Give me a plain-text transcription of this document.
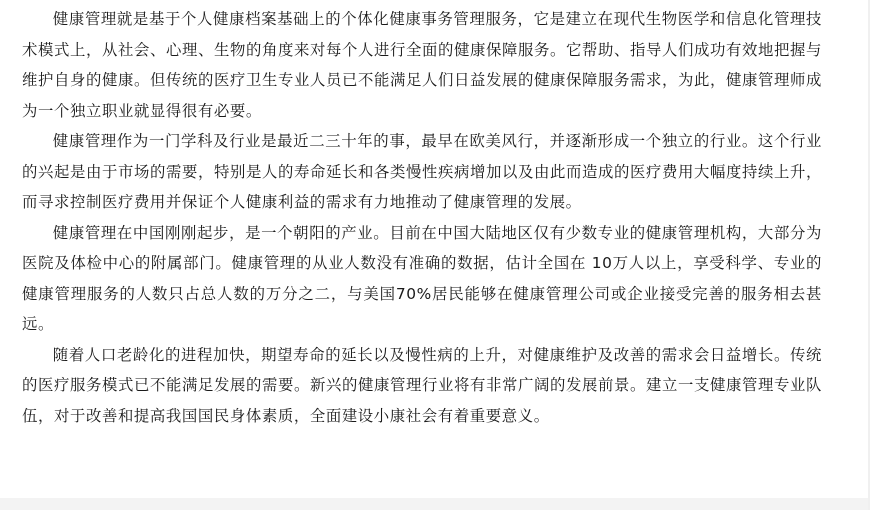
健康管理就是基于个人健康档案基础上的个体化健康事务管理服务，它是建立在现代生物医学和信息化管理技术模式上，从社会、心理、生物的角度来对每个人进行全面的健康保障服务。它帮助、指导人们成功有效地把握与维护自身的健康。但传统的医疗卫生专业人员已不能满足人们日益发展的健康保障服务需求，为此，健康管理师成为一个独立职业就显得很有必要。

健康管理作为一门学科及行业是最近二三十年的事，最早在欧美风行，并逐渐形成一个独立的行业。这个行业的兴起是由于市场的需要，特别是人的寿命延长和各类慢性疾病增加以及由此而造成的医疗费用大幅度持续上升，而寻求控制医疗费用并保证个人健康利益的需求有力地推动了健康管理的发展。

健康管理在中国刚刚起步，是一个朝阳的产业。目前在中国大陆地区仅有少数专业的健康管理机构，大部分为医院及体检中心的附属部门。健康管理的从业人数没有准确的数据，估计全国在 10万人以上，享受科学、专业的健康管理服务的人数只占总人数的万分之二，与美国70%居民能够在健康管理公司或企业接受完善的服务相去甚远。

随着人口老龄化的进程加快，期望寿命的延长以及慢性病的上升，对健康维护及改善的需求会日益增长。传统的医疗服务模式已不能满足发展的需要。新兴的健康管理行业将有非常广阔的发展前景。建立一支健康管理专业队伍，对于改善和提高我国国民身体素质，全面建设小康社会有着重要意义。
